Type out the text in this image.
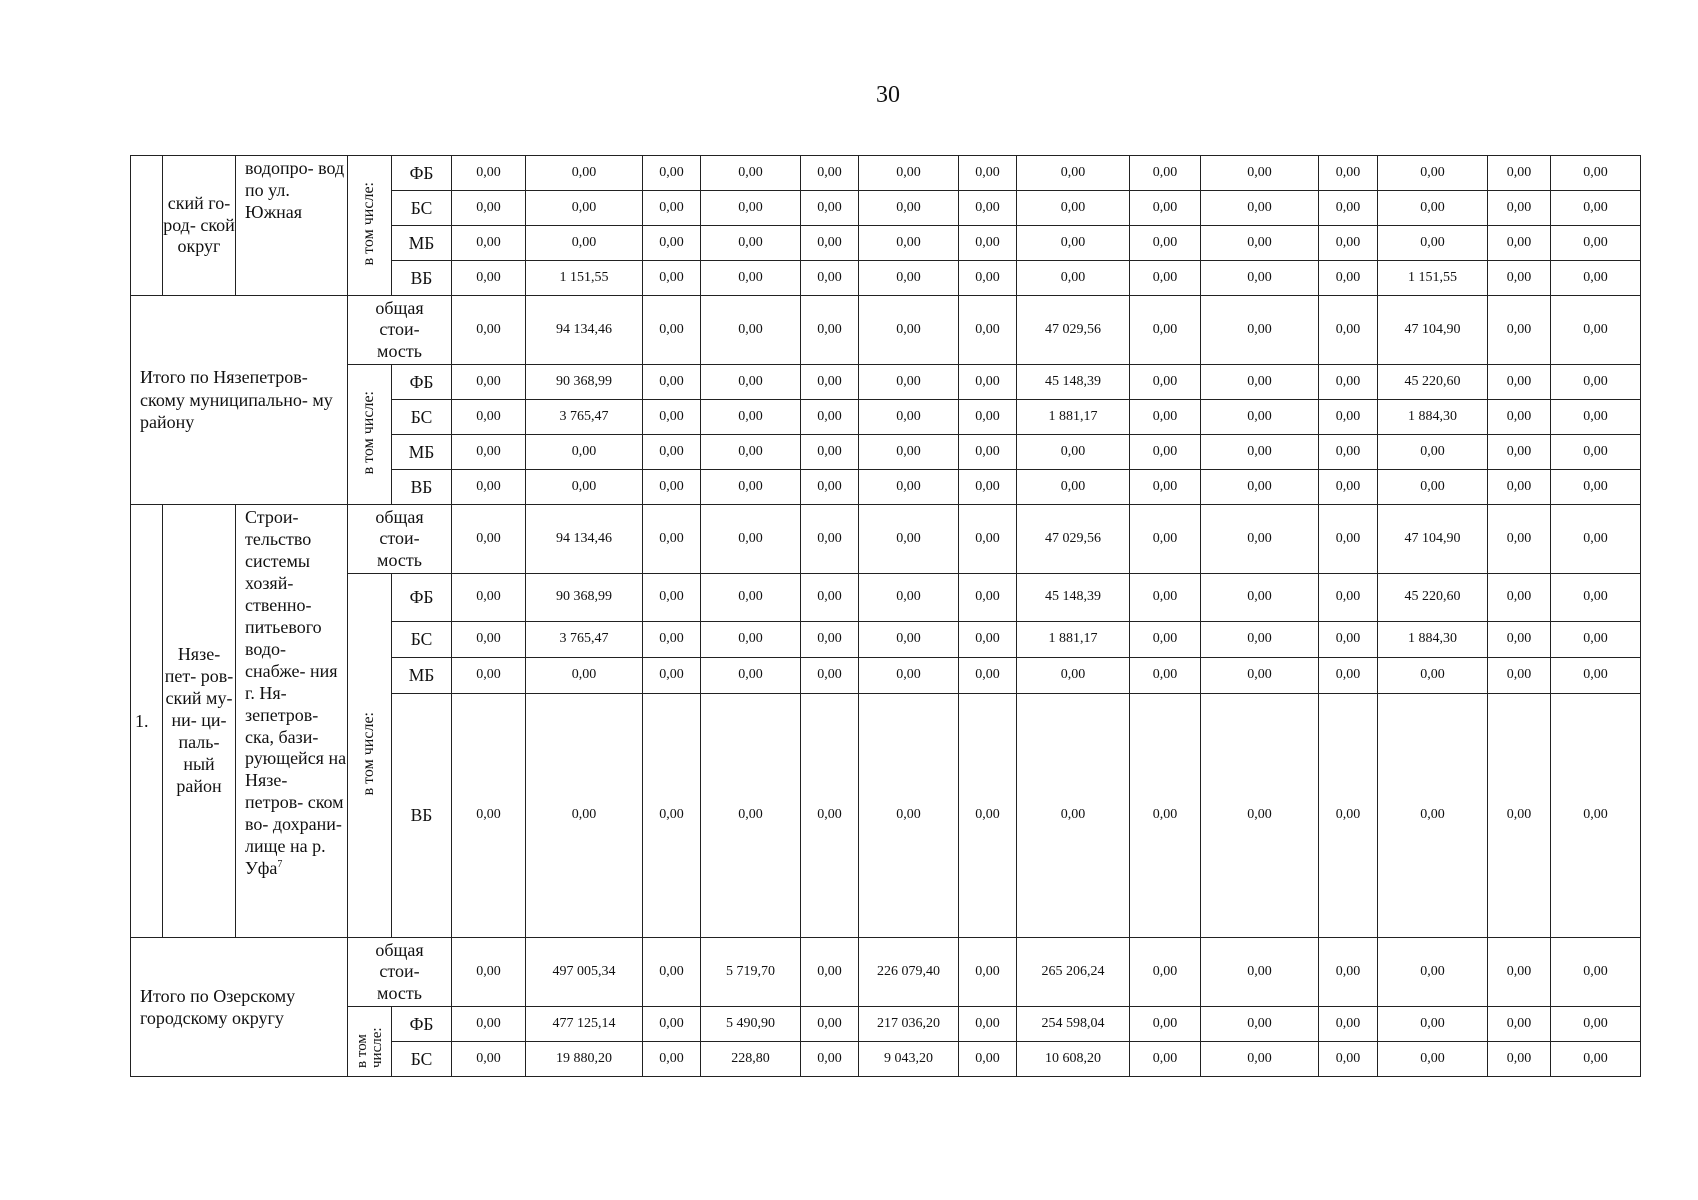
30
	ский го- род- ской округ	водопро- вод по ул. Южная	в том числе:	ФБ	0,00	0,00	0,00	0,00	0,00	0,00	0,00	0,00	0,00	0,00	0,00	0,00	0,00	0,00
				БС	0,00	0,00	0,00	0,00	0,00	0,00	0,00	0,00	0,00	0,00	0,00	0,00	0,00	0,00
				МБ	0,00	0,00	0,00	0,00	0,00	0,00	0,00	0,00	0,00	0,00	0,00	0,00	0,00	0,00
				ВБ	0,00	1 151,55	0,00	0,00	0,00	0,00	0,00	0,00	0,00	0,00	0,00	1 151,55	0,00	0,00
Итого по Нязепетров- скому муниципально- му району			общая
стои-
мость		0,00	94 134,46	0,00	0,00	0,00	0,00	0,00	47 029,56	0,00	0,00	0,00	47 104,90	0,00	0,00
			в том числе:	ФБ	0,00	90 368,99	0,00	0,00	0,00	0,00	0,00	45 148,39	0,00	0,00	0,00	45 220,60	0,00	0,00
				БС	0,00	3 765,47	0,00	0,00	0,00	0,00	0,00	1 881,17	0,00	0,00	0,00	1 884,30	0,00	0,00
				МБ	0,00	0,00	0,00	0,00	0,00	0,00	0,00	0,00	0,00	0,00	0,00	0,00	0,00	0,00
				ВБ	0,00	0,00	0,00	0,00	0,00	0,00	0,00	0,00	0,00	0,00	0,00	0,00	0,00	0,00
1.	Нязе- пет- ров- ский му- ни- ци- паль- ный район	Строи- тельство системы хозяй- ственно- питьевого водо- снабже- ния г. Ня- зепетров- ска, бази- рующейся на Нязе- петров- ском во- дохрани- лище на р. Уфа$^7$	общая
стои-
мость		0,00	94 134,46	0,00	0,00	0,00	0,00	0,00	47 029,56	0,00	0,00	0,00	47 104,90	0,00	0,00
			в том числе:	ФБ	0,00	90 368,99	0,00	0,00	0,00	0,00	0,00	45 148,39	0,00	0,00	0,00	45 220,60	0,00	0,00
				БС	0,00	3 765,47	0,00	0,00	0,00	0,00	0,00	1 881,17	0,00	0,00	0,00	1 884,30	0,00	0,00
				МБ	0,00	0,00	0,00	0,00	0,00	0,00	0,00	0,00	0,00	0,00	0,00	0,00	0,00	0,00
				ВБ	0,00	0,00	0,00	0,00	0,00	0,00	0,00	0,00	0,00	0,00	0,00	0,00	0,00	0,00
Итого по Озерскому городскому округу			общая
стои-
мость		0,00	497 005,34	0,00	5 719,70	0,00	226 079,40	0,00	265 206,24	0,00	0,00	0,00	0,00	0,00	0,00

			в том числе:	ФБ	0,00	477 125,14	0,00	5 490,90	0,00	217 036,20	0,00	254 598,04	0,00	0,00	0,00	0,00	0,00	0,00
				БС	0,00	19 880,20	0,00	228,80	0,00	9 043,20	0,00	10 608,20	0,00	0,00	0,00	0,00	0,00	0,00
